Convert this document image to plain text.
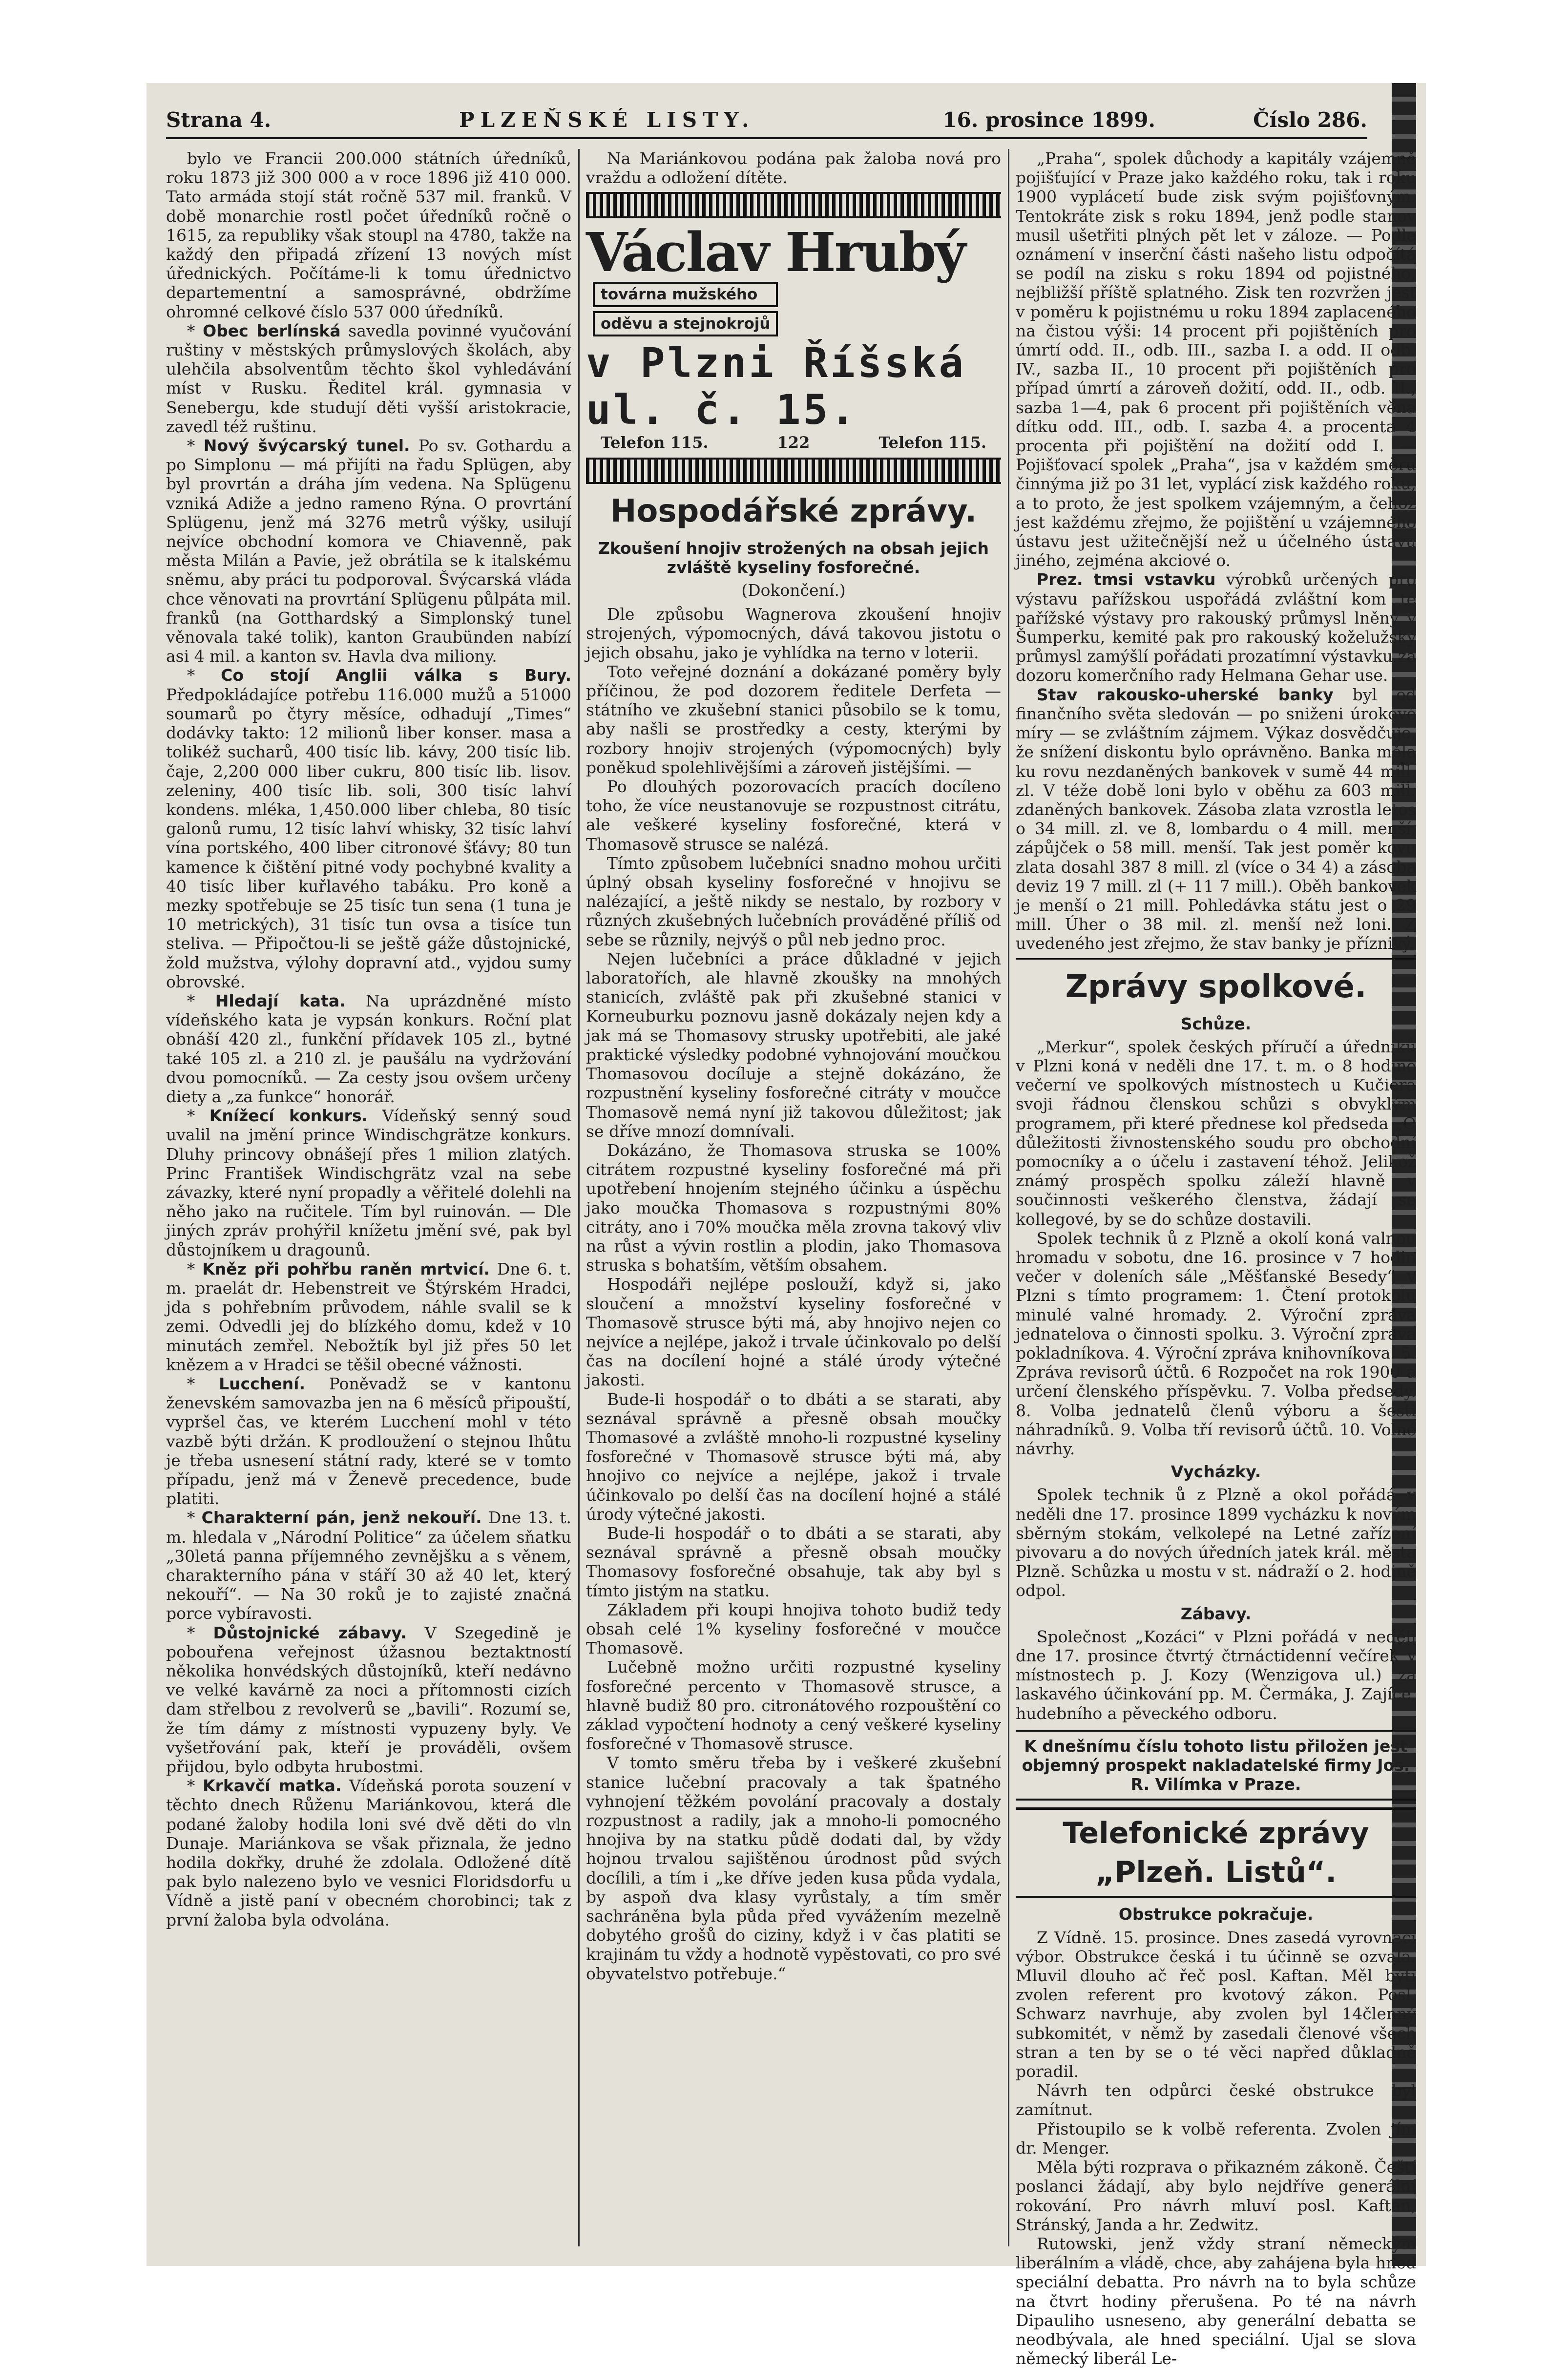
Strana 4.	PLZEŇSKÉ LISTY.	16. prosince 1899.	Číslo 286.

bylo ve Francii 200.000 státních úředníků, roku 1873 již 300 000 a v roce 1896 již 410 000. Tato armáda stojí stát ročně 537 mil. franků. V době monarchie rostl počet úředníků ročně o 1615, za republiky však stoupl na 4780, takže na každý den připadá zřízení 13 nových míst úřednických. Počítáme-li k tomu úřednictvo departementní a samosprávné, obdržíme ohromné celkové číslo 537 000 úředníků.

* Obec berlínská savedla povinné vyučování ruštiny v městských průmyslových školách, aby ulehčila absolventům těchto škol vyhledávání míst v Rusku. Ředitel král. gymnasia v Senebergu, kde studují děti vyšší aristokracie, zavedl též ruštinu.

* Nový švýcarský tunel. Po sv. Gothardu a po Simplonu — má přijíti na řadu Splügen, aby byl provrtán a dráha jím vedena. Na Splügenu vzniká Adiže a jedno rameno Rýna. O provrtání Splügenu, jenž má 3276 metrů výšky, usilují nejvíce obchodní komora ve Chiavenně, pak města Milán a Pavie, jež obrátila se k italskému sněmu, aby práci tu podporoval. Švýcarská vláda chce věnovati na provrtání Splügenu půlpáta mil. franků (na Gotthardský a Simplonský tunel věnovala také tolik), kanton Graubünden nabízí asi 4 mil. a kanton sv. Havla dva miliony.

* Co stojí Anglii válka s Bury. Předpokládajíce potřebu 116.000 mužů a 51000 soumarů po čtyry měsíce, odhadují „Times“ dodávky takto: 12 milionů liber konser. masa a tolikéž sucharů, 400 tisíc lib. kávy, 200 tisíc lib. čaje, 2,200 000 liber cukru, 800 tisíc lib. lisov. zeleniny, 400 tisíc lib. soli, 300 tisíc lahví kondens. mléka, 1,450.000 liber chleba, 80 tisíc galonů rumu, 12 tisíc lahví whisky, 32 tisíc lahví vína portského, 400 liber citronové šťávy; 80 tun kamence k čištění pitné vody pochybné kvality a 40 tisíc liber kuřlavého tabáku. Pro koně a mezky spotřebuje se 25 tisíc tun sena (1 tuna je 10 metrických), 31 tisíc tun ovsa a tisíce tun steliva. — Připočtou-li se ještě gáže důstojnické, žold mužstva, výlohy dopravní atd., vyjdou sumy obrovské.

* Hledají kata. Na uprázdněné místo vídeňského kata je vypsán konkurs. Roční plat obnáší 420 zl., funkční přídavek 105 zl., bytné také 105 zl. a 210 zl. je paušálu na vydržování dvou pomocníků. — Za cesty jsou ovšem určeny diety a „za funkce“ honorář.

* Knížecí konkurs. Vídeňský senný soud uvalil na jmění prince Windischgrätze konkurs. Dluhy princovy obnášejí přes 1 milion zlatých. Princ František Windischgrätz vzal na sebe závazky, které nyní propadly a věřitelé dolehli na něho jako na ručitele. Tím byl ruinován. — Dle jiných zpráv prohýřil knížetu jmění své, pak byl důstojníkem u dragounů.

* Kněz při pohřbu raněn mrtvicí. Dne 6. t. m. praelát dr. Hebenstreit ve Štýrském Hradci, jda s pohřebním průvodem, náhle svalil se k zemi. Odvedli jej do blízkého domu, kdež v 10 minutách zemřel. Nebožtík byl již přes 50 let knězem a v Hradci se těšil obecné vážnosti.

* Lucchení. Poněvadž se v kantonu ženevském samovazba jen na 6 měsíců připouští, vypršel čas, ve kterém Lucchení mohl v této vazbě býti držán. K prodloužení o stejnou lhůtu je třeba usnesení státní rady, které se v tomto případu, jenž má v Ženevě precedence, bude platiti.

* Charakterní pán, jenž nekouří. Dne 13. t. m. hledala v „Národní Politice“ za účelem sňatku „30letá panna příjemného zevnějšku a s věnem, charakterního pána v stáří 30 až 40 let, který nekouří“. — Na 30 roků je to zajisté značná porce vybíravosti.

* Důstojnické zábavy. V Szegedině je pobouřena veřejnost úžasnou beztaktností několika honvédských důstojníků, kteří nedávno ve velké kavárně za noci a přítomnosti cizích dam střelbou z revolverů se „bavili“. Rozumí se, že tím dámy z místnosti vypuzeny byly. Ve vyšetřování pak, kteří je prováděli, ovšem přijdou, bylo odbyta hrubostmi.

* Krkavčí matka. Vídeňská porota souzení v těchto dnech Růženu Mariánkovou, která dle podané žaloby hodila loni své dvě děti do vln Dunaje. Mariánkova se však přiznala, že jedno hodila dokřky, druhé že zdolala. Odložené dítě pak bylo nalezeno bylo ve vesnici Floridsdorfu u Vídně a jistě paní v obecném chorobinci; tak z první žaloba byla odvolána.

Na Mariánkovou podána pak žaloba nová pro vraždu a odložení dítěte.

Václav Hrubý
továrna mužského
oděvu a stejnokrojů
v Plzni Říšská ul. č. 15.
Telefon 115.	122	Telefon 115.
Hospodářské zprávy.
Zkoušení hnojiv strožených na obsah jejich zvláště kyseliny fosforečné.
(Dokončení.)

Dle způsobu Wagnerova zkoušení hnojiv strojených, výpomocných, dává takovou jistotu o jejich obsahu, jako je vyhlídka na terno v loterii.

Toto veřejné doznání a dokázané poměry byly příčinou, že pod dozorem ředitele Derfeta — státního ve zkušební stanici působilo se k tomu, aby našli se prostředky a cesty, kterými by rozbory hnojiv strojených (výpomocných) byly poněkud spolehlivějšími a zároveň jistějšími. —

Po dlouhých pozorovacích pracích docíleno toho, že více neustanovuje se rozpustnost citrátu, ale veškeré kyseliny fosforečné, která v Thomasově strusce se nalézá.

Tímto způsobem lučebníci snadno mohou určiti úplný obsah kyseliny fosforečné v hnojivu se nalézající, a ještě nikdy se nestalo, by rozbory v různých zkušebných lučebních prováděné příliš od sebe se různily, nejvýš o půl neb jedno proc.

Nejen lučebníci a práce důkladné v jejich laboratořích, ale hlavně zkoušky na mnohých stanicích, zvláště pak při zkušebné stanici v Korneuburku poznovu jasně dokázaly nejen kdy a jak má se Thomasovy strusky upotřebiti, ale jaké praktické výsledky podobné vyhnojování moučkou Thomasovou docíluje a stejně dokázáno, že rozpustnění kyseliny fosforečné citráty v moučce Thomasově nemá nyní již takovou důležitost; jak se dříve mnozí domnívali.

Dokázáno, že Thomasova struska se 100% citrátem rozpustné kyseliny fosforečné má při upotřebení hnojením stejného účinku a úspěchu jako moučka Thomasova s rozpustnými 80% citráty, ano i 70% moučka měla zrovna takový vliv na růst a vývin rostlin a plodin, jako Thomasova struska s bohatším, větším obsahem.

Hospodáři nejlépe poslouží, když si, jako sloučení a množství kyseliny fosforečné v Thomasově strusce býti má, aby hnojivo nejen co nejvíce a nejlépe, jakož i trvale účinkovalo po delší čas na docílení hojné a stálé úrody výtečné jakosti.

Bude-li hospodář o to dbáti a se starati, aby seznával správně a přesně obsah moučky Thomasové a zvláště mnoho-li rozpustné kyseliny fosforečné v Thomasově strusce býti má, aby hnojivo co nejvíce a nejlépe, jakož i trvale účinkovalo po delší čas na docílení hojné a stálé úrody výtečné jakosti.

Bude-li hospodář o to dbáti a se starati, aby seznával správně a přesně obsah moučky Thomasovy fosforečné obsahuje, tak aby byl s tímto jistým na statku.

Základem při koupi hnojiva tohoto budiž tedy obsah celé 1% kyseliny fosforečné v moučce Thomasově.

Lučebně možno určiti rozpustné kyseliny fosforečné percento v Thomasově strusce, a hlavně budiž 80 pro. citronátového rozpouštění co základ vypočtení hodnoty a cený veškeré kyseliny fosforečné v Thomasově strusce.

V tomto směru třeba by i veškeré zkušební stanice lučební pracovaly a tak špatného vyhnojení těžkém povolání pracovaly a dostaly rozpustnost a radily, jak a mnoho-li pomocného hnojiva by na statku půdě dodati dal, by vždy hojnou trvalou sajištěnou úrodnost půd svých docílili, a tím i „ke dříve jeden kusa půda vydala, by aspoň dva klasy vyrůstaly, a tím směr sachráněna byla půda před vyvážením mezelně dobytého grošů do ciziny, když i v čas platiti se krajinám tu vždy a hodnotě vypěstovati, co pro své obyvatelstvo potřebuje.“

„Praha“, spolek důchody a kapitály vzájemně pojišťující v Praze jako každého roku, tak i roku 1900 vyplácetí bude zisk svým pojišťovným. Tentokráte zisk s roku 1894, jenž podle stanov musil ušetřiti plných pět let v záloze. — Podle oznámení v inserční části našeho listu odpočítá se podíl na zisku s roku 1894 od pojistného, nejbližší příště splatného. Zisk ten rozvržen jest v poměru k pojistnému u roku 1894 zaplaceného na čistou výši: 14 procent při pojištěních pro úmrtí odd. II., odb. III., sazba I. a odd. II odb. IV., sazba II., 10 procent při pojištěních pro případ úmrtí a zároveň dožití, odd. II., odb. II., sazba 1—4, pak 6 procent při pojištěních věna dítku odd. III., odb. I. sazba 4. a procenta 4 procenta při pojištění na dožití odd I. — Pojišťovací spolek „Praha“, jsa v každém směru činnýma již po 31 let, vyplácí zisk každého roku, a to proto, že jest spolkem vzájemným, a čehož jest každému zřejmo, že pojištění u vzájemného ústavu jest užitečnější než u účelného ústavu jiného, zejména akciové o.

Prez. tmsi vstavku výrobků určených pro výstavu pařížskou uspořádá zvláštní kom té pařížské výstavy pro rakouský průmysl lněný v Šumperku, kemité pak pro rakouský koželužský průmysl zamýšlí pořádati prozatímní výstavku za dozoru komerčního rady Helmana Gehar use.

Stav rakousko-uherské banky byl od finančního světa sledován — po sniženi úrokové míry — se zvláštním zájmem. Výkaz dosvědčuje, že snížení diskontu bylo oprávněno. Banka měla ku rovu nezdaněných bankovek v sumě 44 mill. zl. V téže době loni bylo v oběhu za 603 mill. zdaněných bankovek. Zásoba zlata vzrostla letos o 34 mill. zl. ve 8, lombardu o 4 mill. menší, zápůjček o 58 mill. menší. Tak jest poměr kovu zlata dosahl 387 8 mill. zl (více o 34 4) a zásoba deviz 19 7 mill. zl (+ 11 7 mill.). Oběh bankovek je menší o 21 mill. Pohledávka státu jest o 29 mill. Úher o 38 mil. zl. menší než loni. Z uvedeného jest zřejmo, že stav banky je příznivý.

Zprávy spolkové.
Schůze.

„Merkur“, spolek českých příručí a úředníků v Plzni koná v neděli dne 17. t. m. o 8 hodině večerní ve spolkových místnostech u Kučiera svoji řádnou členskou schůzi s obvyklým programem, při které přednese kol předseda „O důležitosti živnostenského soudu pro obchodní pomocníky a o účelu i zastavení téhož. Jelikož známý prospěch spolku záleží hlavně v součinnosti veškerého členstva, žádají se kollegové, by se do schůze dostavili.

Spolek technik ů z Plzně a okolí koná valnou hromadu v sobotu, dne 16. prosince v 7 hodin večer v doleních sále „Měšťanské Besedy“ v Plzni s tímto programem: 1. Čtení protokolu minulé valné hromady. 2. Výroční zpráva jednatelova o činnosti spolku. 3. Výroční zpráva pokladníkova. 4. Výroční zpráva knihovníkova. 5. Zpráva revisorů účtů. 6 Rozpočet na rok 1900 a určení členského příspěvku. 7. Volba předsedy. 8. Volba jednatelů členů výboru a šesti náhradníků. 9. Volba tří revisorů účtů. 10. Volné návrhy.

Vycházky.

Spolek technik ů z Plzně a okol pořádá v neděli dne 17. prosince 1899 vycházku k novým sběrným stokám, velkolepé na Letné zařízení pivovaru a do nových úředních jatek král. města Plzně. Schůzka u mostu v st. nádraží o 2. hodině odpol.

Zábavy.

Společnost „Kozáci“ v Plzni pořádá v neděli dne 17. prosince čtvrtý čtrnáctidenní večírek v místnostech p. J. Kozy (Wenzigova ul.) za laskavého účinkování pp. M. Čermáka, J. Zajíce, hudebního a pěveckého odboru.

K dnešnímu číslu tohoto listu přiložen jest objemný prospekt nakladatelské firmy Jos. R. Vilímka v Praze.
Telefonické zprávy „Plzeň. Listů“.
Obstrukce pokračuje.

Z Vídně. 15. prosince. Dnes zasedá vyrovnací výbor. Obstrukce česká i tu účinně se ozvala. Mluvil dlouho ač řeč posl. Kaftan. Měl býti zvolen referent pro kvotový zákon. Posl. Schwarz navrhuje, aby zvolen byl 14členný subkomitét, v němž by zasedali členové všech stran a ten by se o té věci napřed důkladně poradil.

Návrh ten odpůrci české obstrukce byl zamítnut.

Přistoupilo se k volbě referenta. Zvolen jím dr. Menger.

Měla býti rozprava o přikazném zákoně. Čeští poslanci žádají, aby bylo nejdříve generální rokování. Pro návrh mluví posl. Kaftan, Stránský, Janda a hr. Zedwitz.

Rutowski, jenž vždy straní německým liberálním a vládě, chce, aby zahájena byla hned speciální debatta. Pro návrh na to byla schůze na čtvrt hodiny přerušena. Po té na návrh Dipauliho usneseno, aby generální debatta se neodbývala, ale hned speciální. Ujal se slova německý liberál Le-
